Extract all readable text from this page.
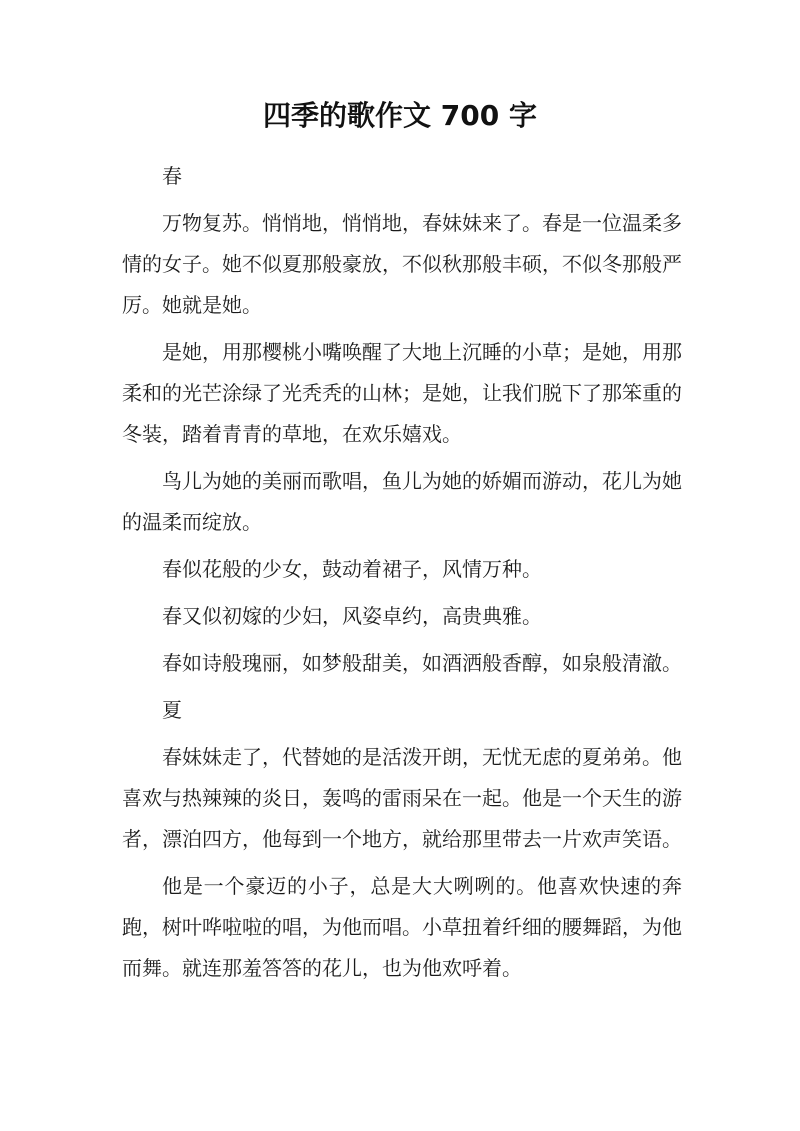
四季的歌作文 700 字

春

万物复苏。悄悄地，悄悄地，春妹妹来了。春是一位温柔多情的女子。她不似夏那般豪放，不似秋那般丰硕，不似冬那般严厉。她就是她。

是她，用那樱桃小嘴唤醒了大地上沉睡的小草；是她，用那柔和的光芒涂绿了光秃秃的山林；是她，让我们脱下了那笨重的冬装，踏着青青的草地，在欢乐嬉戏。

鸟儿为她的美丽而歌唱，鱼儿为她的娇媚而游动，花儿为她的温柔而绽放。

春似花般的少女，鼓动着裙子，风情万种。

春又似初嫁的少妇，风姿卓约，高贵典雅。

春如诗般瑰丽，如梦般甜美，如酒洒般香醇，如泉般清澈。

夏

春妹妹走了，代替她的是活泼开朗，无忧无虑的夏弟弟。他喜欢与热辣辣的炎日，轰鸣的雷雨呆在一起。他是一个天生的游者，漂泊四方，他每到一个地方，就给那里带去一片欢声笑语。

他是一个豪迈的小子，总是大大咧咧的。他喜欢快速的奔跑，树叶哗啦啦的唱，为他而唱。小草扭着纤细的腰舞蹈，为他而舞。就连那羞答答的花儿，也为他欢呼着。
